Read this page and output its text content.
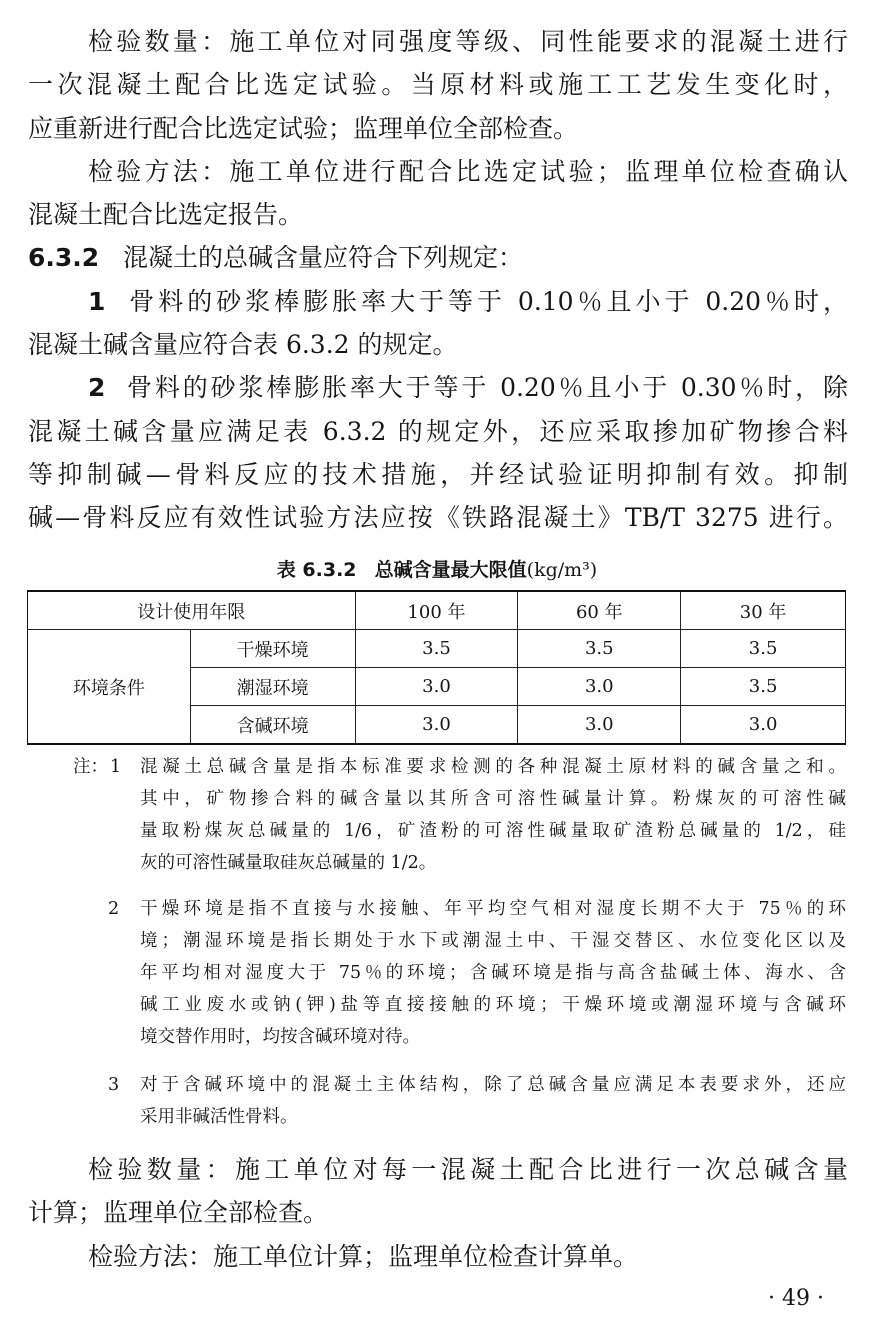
检验数量：施工单位对同强度等级、同性能要求的混凝土进行
一次混凝土配合比选定试验。当原材料或施工工艺发生变化时，
应重新进行配合比选定试验；监理单位全部检查。
检验方法：施工单位进行配合比选定试验；监理单位检查确认
混凝土配合比选定报告。
6.3.2 混凝土的总碱含量应符合下列规定：
1 骨料的砂浆棒膨胀率大于等于 0.10％且小于 0.20％时，
混凝土碱含量应符合表 6.3.2 的规定。
2 骨料的砂浆棒膨胀率大于等于 0.20％且小于 0.30％时，除
混凝土碱含量应满足表 6.3.2 的规定外，还应采取掺加矿物掺合料
等抑制碱—骨料反应的技术措施，并经试验证明抑制有效。抑制
碱—骨料反应有效性试验方法应按《铁路混凝土》TB/T 3275 进行。
表 6.3.2 总碱含量最大限值(kg/m³)
设计使用年限		100 年	60 年	30 年
环境条件	干燥环境	3.5	3.5	3.5
	潮湿环境	3.0	3.0	3.5
	含碱环境	3.0	3.0	3.0
注： 1 混凝土总碱含量是指本标准要求检测的各种混凝土原材料的碱含量之和。
其中，矿物掺合料的碱含量以其所含可溶性碱量计算。粉煤灰的可溶性碱
量取粉煤灰总碱量的 1/6，矿渣粉的可溶性碱量取矿渣粉总碱量的 1/2，硅
灰的可溶性碱量取硅灰总碱量的 1/2。
2 干燥环境是指不直接与水接触、年平均空气相对湿度长期不大于 75％的环
境；潮湿环境是指长期处于水下或潮湿土中、干湿交替区、水位变化区以及
年平均相对湿度大于 75％的环境；含碱环境是指与高含盐碱土体、海水、含
碱工业废水或钠(钾)盐等直接接触的环境；干燥环境或潮湿环境与含碱环
境交替作用时，均按含碱环境对待。
3 对于含碱环境中的混凝土主体结构，除了总碱含量应满足本表要求外，还应
采用非碱活性骨料。
检验数量：施工单位对每一混凝土配合比进行一次总碱含量
计算；监理单位全部检查。
检验方法：施工单位计算；监理单位检查计算单。
· 49 ·
